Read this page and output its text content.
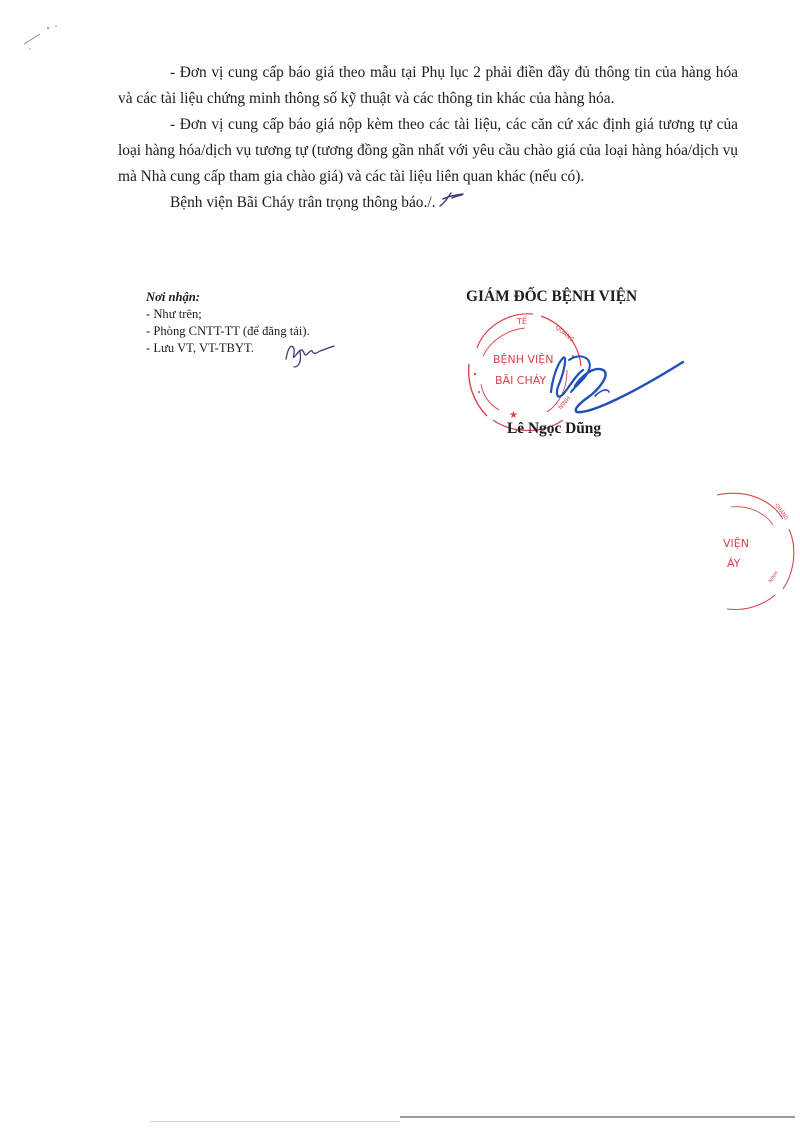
- Đơn vị cung cấp báo giá theo mẫu tại Phụ lục 2 phải điền đầy đủ thông tin của hàng hóa và các tài liệu chứng minh thông số kỹ thuật và các thông tin khác của hàng hóa.

- Đơn vị cung cấp báo giá nộp kèm theo các tài liệu, các căn cứ xác định giá tương tự của loại hàng hóa/dịch vụ tương tự (tương đồng gần nhất với yêu cầu chào giá của loại hàng hóa/dịch vụ mà Nhà cung cấp tham gia chào giá) và các tài liệu liên quan khác (nếu có).

Bệnh viện Bãi Cháy trân trọng thông báo./.

Nơi nhận:
- Như trên;
- Phòng CNTT-TT (để đăng tải).
- Lưu VT, VT-TBYT.
GIÁM ĐỐC BỆNH VIỆN
TẾ
BỆNH VIỆN
BÃI CHÁY
QUẢNG
NINH
★
Lê Ngọc Dũng
VIỆN
ÁY
QUẢNG
NINH
